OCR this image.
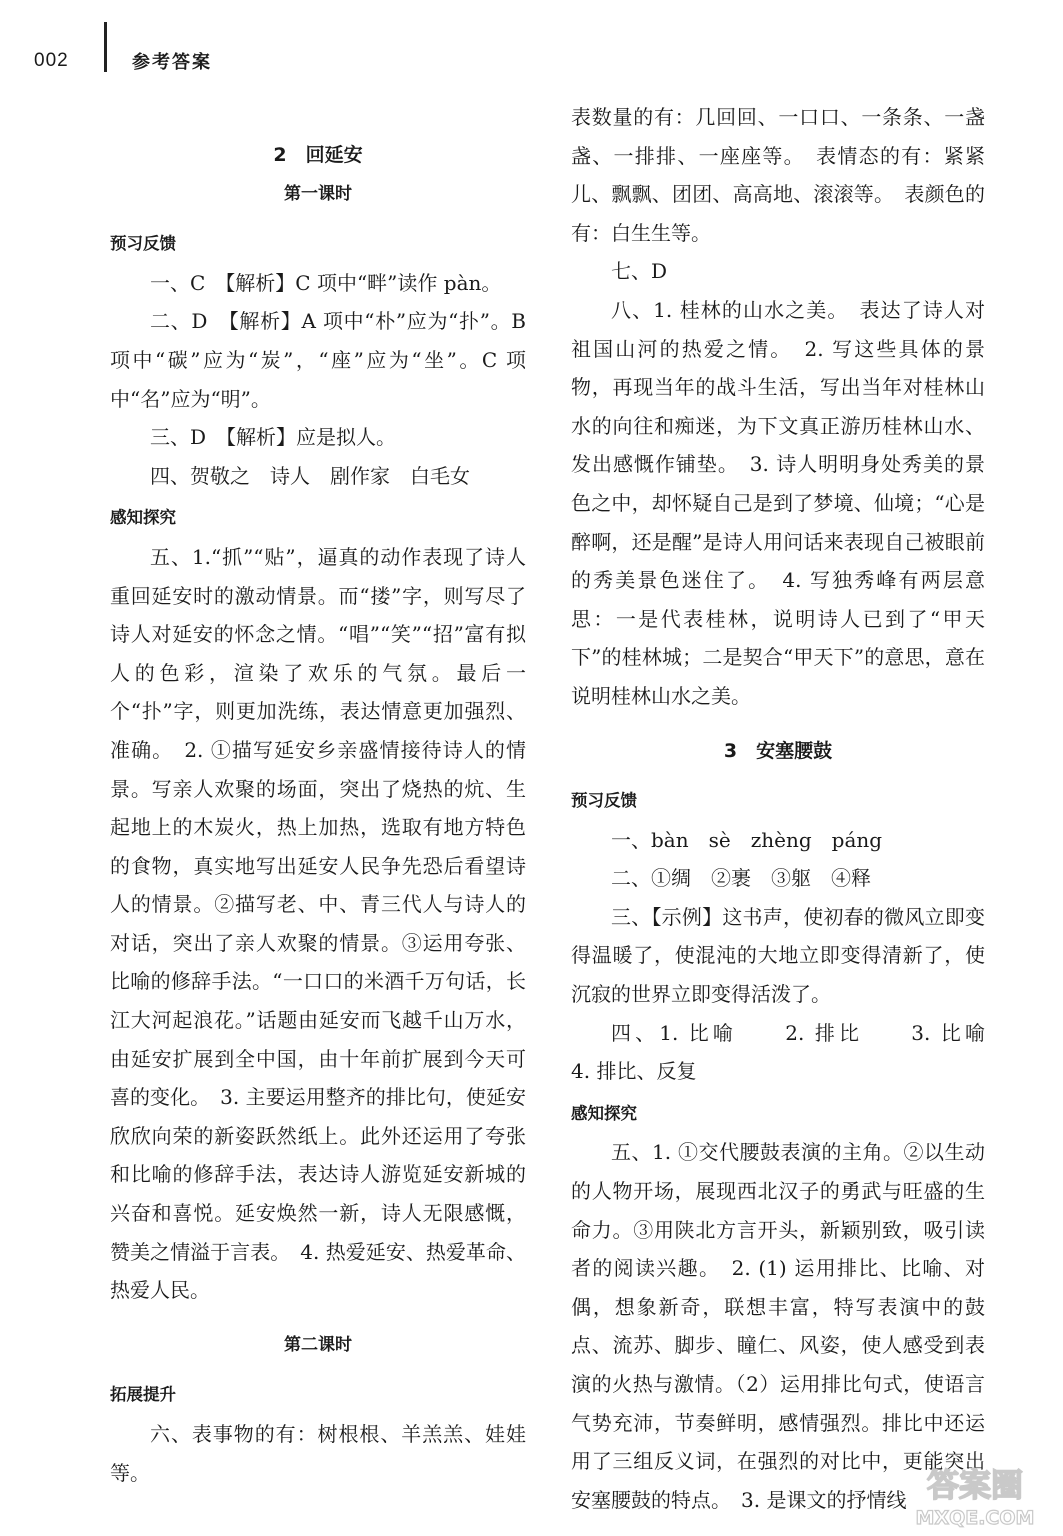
002	参考答案
2　回延安
第一课时
预习反馈

一、C　【解析】C 项中“畔”读作 pàn。

二、D　【解析】A 项中“朴”应为“扑”。B 项中“碳”应为“炭”，“座”应为“坐”。C 项中“名”应为“明”。

三、D　【解析】应是拟人。

四、贺敬之　诗人　剧作家　白毛女

感知探究

五、1.“抓”“贴”，逼真的动作表现了诗人重回延安时的激动情景。而“搂”字，则写尽了诗人对延安的怀念之情。“唱”“笑”“招”富有拟人的色彩，渲染了欢乐的气氛。最后一个“扑”字，则更加洗练，表达情意更加强烈、准确。　2. ①描写延安乡亲盛情接待诗人的情景。写亲人欢聚的场面，突出了烧热的炕、生起地上的木炭火，热上加热，选取有地方特色的食物，真实地写出延安人民争先恐后看望诗人的情景。②描写老、中、青三代人与诗人的对话，突出了亲人欢聚的情景。③运用夸张、比喻的修辞手法。“一口口的米酒千万句话，长江大河起浪花。”话题由延安而飞越千山万水，由延安扩展到全中国，由十年前扩展到今天可喜的变化。　3. 主要运用整齐的排比句，使延安欣欣向荣的新姿跃然纸上。此外还运用了夸张和比喻的修辞手法，表达诗人游览延安新城的兴奋和喜悦。延安焕然一新，诗人无限感慨，赞美之情溢于言表。　4. 热爱延安、热爱革命、热爱人民。

第二课时
拓展提升

六、表事物的有：树根根、羊羔羔、娃娃等。

表数量的有：几回回、一口口、一条条、一盏盏、一排排、一座座等。　表情态的有：紧紧儿、飘飘、团团、高高地、滚滚等。　表颜色的有：白生生等。

七、D

八、1. 桂林的山水之美。　表达了诗人对祖国山河的热爱之情。　2. 写这些具体的景物，再现当年的战斗生活，写出当年对桂林山水的向往和痴迷，为下文真正游历桂林山水、发出感慨作铺垫。　3. 诗人明明身处秀美的景色之中，却怀疑自己是到了梦境、仙境；“心是醉啊，还是醒”是诗人用问话来表现自己被眼前的秀美景色迷住了。　4. 写独秀峰有两层意思：一是代表桂林，说明诗人已到了“甲天下”的桂林城；二是契合“甲天下”的意思，意在说明桂林山水之美。

3　安塞腰鼓
预习反馈

一、bàn　sè　zhèng　páng

二、①绸　②裹　③躯　④释

三、【示例】这书声，使初春的微风立即变得温暖了，使混沌的大地立即变得清新了，使沉寂的世界立即变得活泼了。

四、1. 比喻　　2. 排比　　3. 比喻　　4. 排比、反复

感知探究

五、1. ①交代腰鼓表演的主角。②以生动的人物开场，展现西北汉子的勇武与旺盛的生命力。③用陕北方言开头，新颖别致，吸引读者的阅读兴趣。　2. (1) 运用排比、比喻、对偶，想象新奇，联想丰富，特写表演中的鼓点、流苏、脚步、瞳仁、风姿，使人感受到表演的火热与激情。（2）运用排比句式，使语言气势充沛，节奏鲜明，感情强烈。排比中还运用了三组反义词，在强烈的对比中，更能突出安塞腰鼓的特点。　3. 是课文的抒情线 答案圈
MXQE.COM
